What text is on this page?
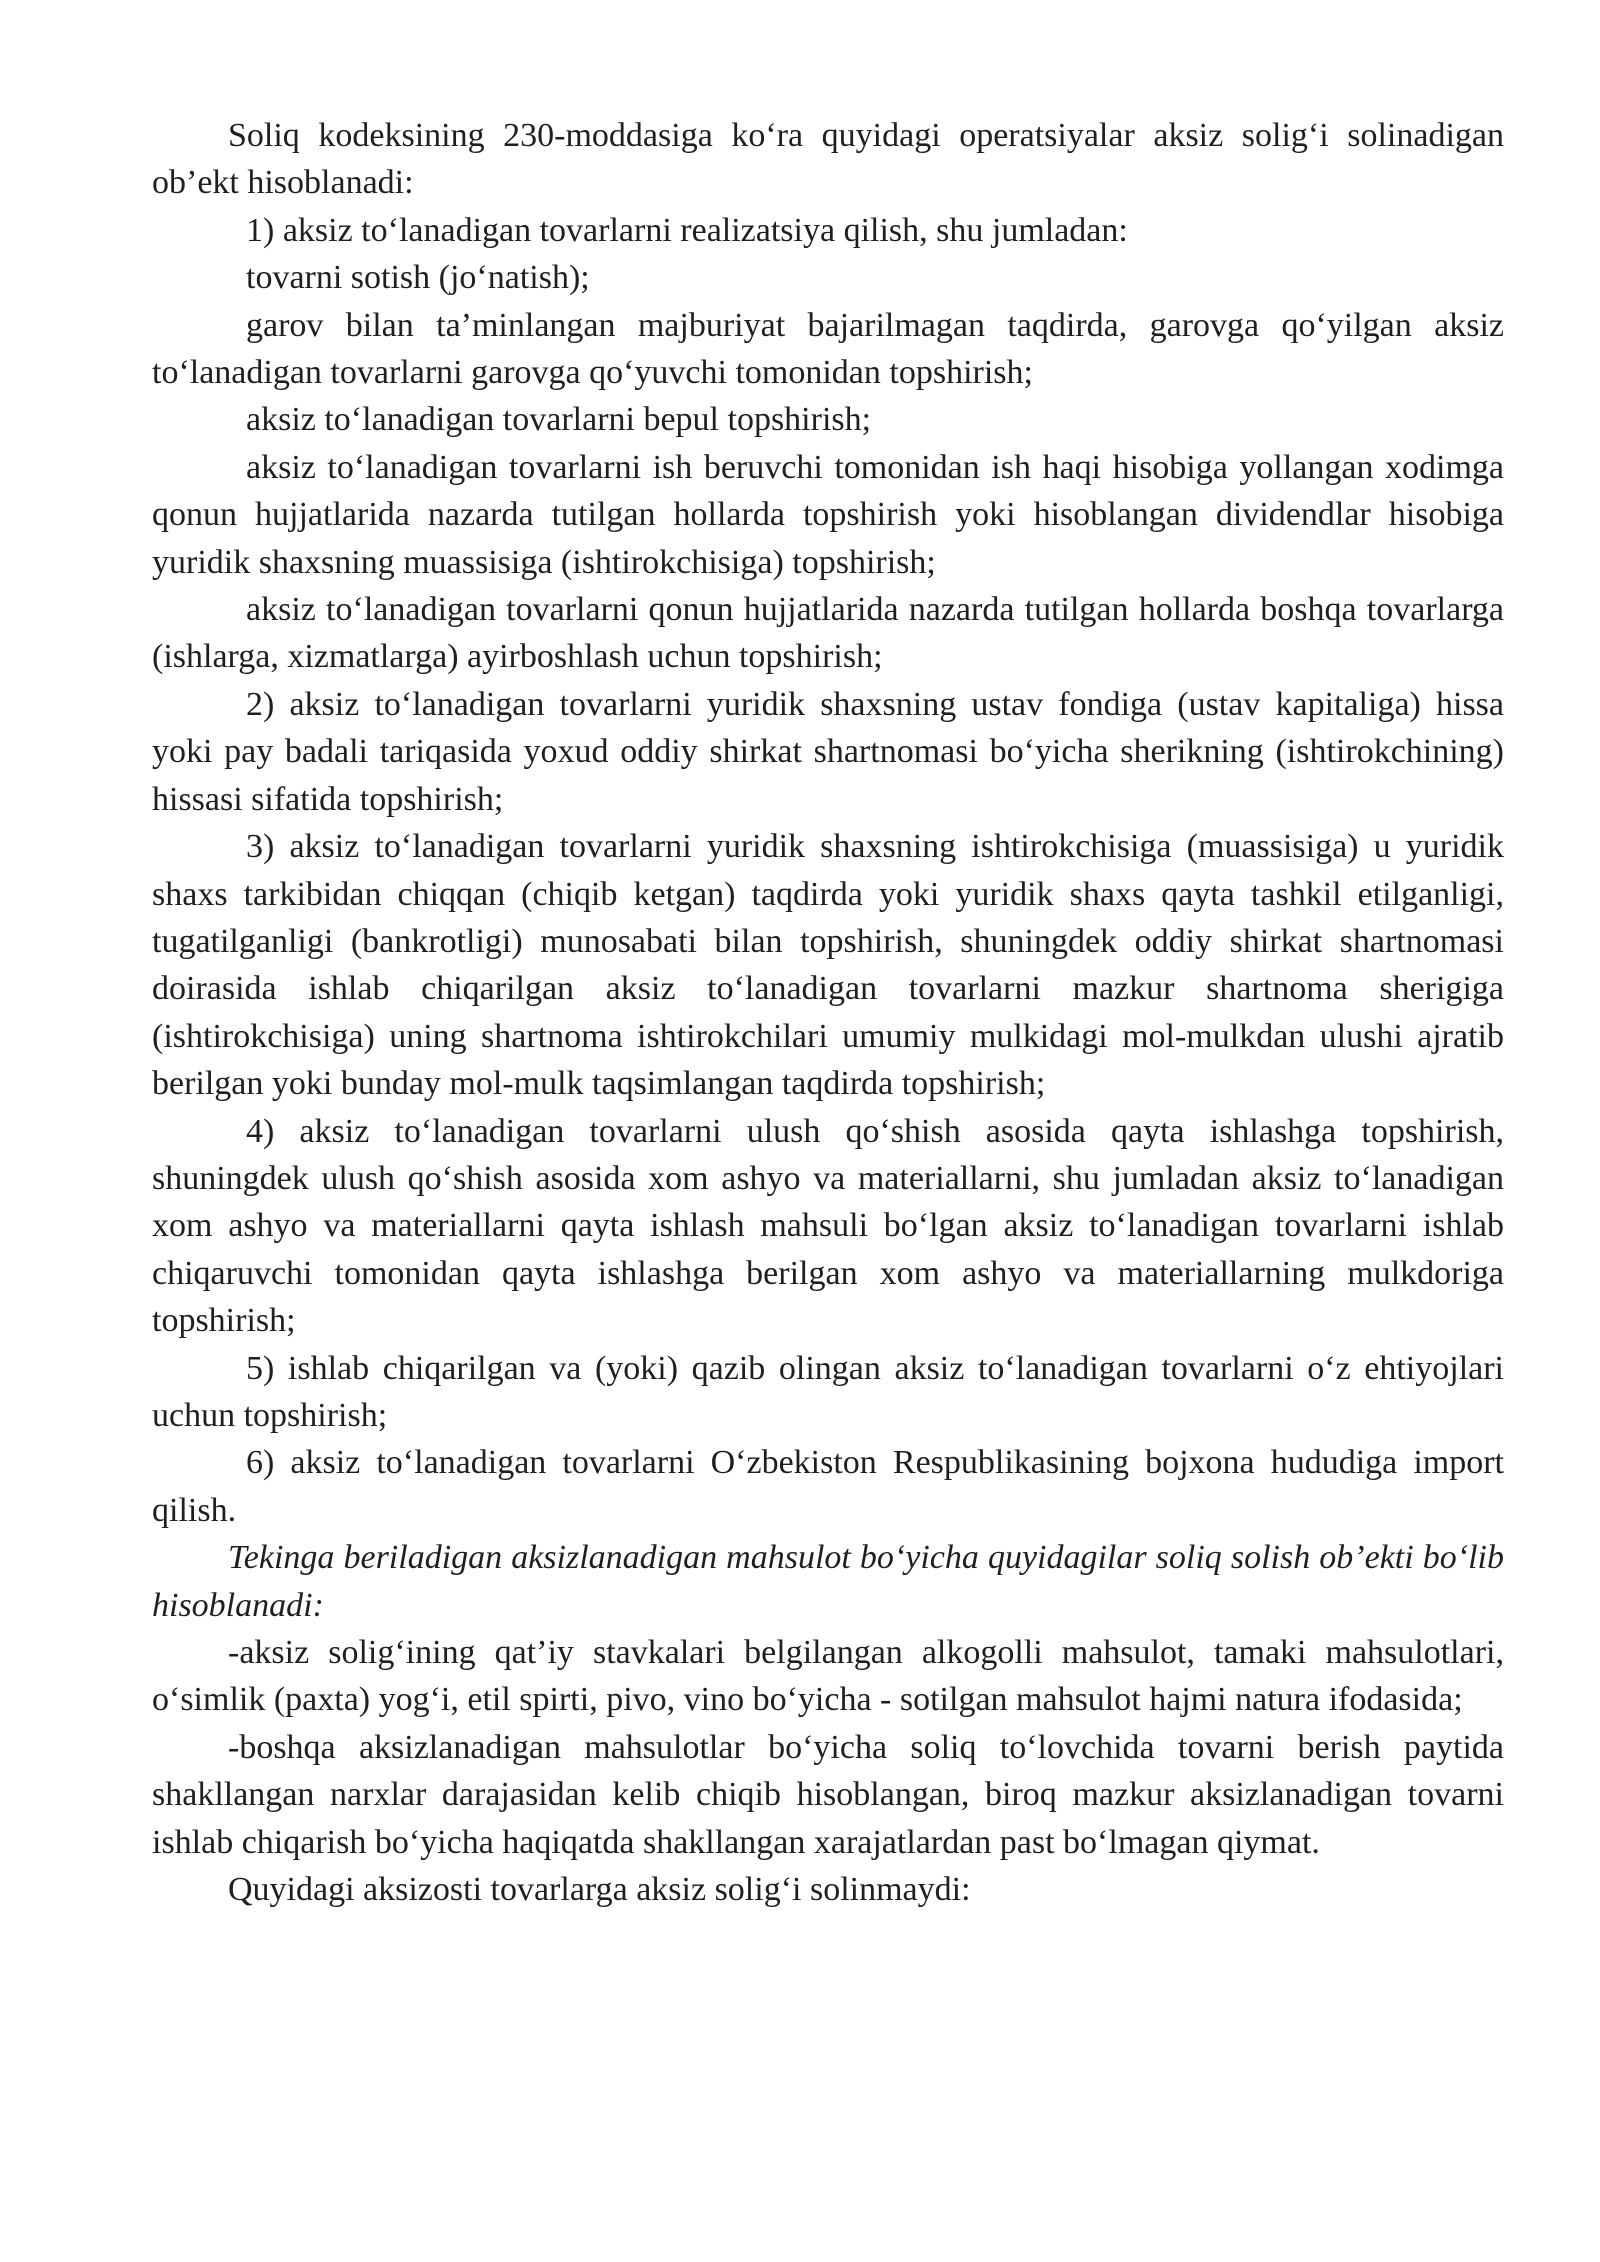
Soliq kodeksining 230-moddasiga ko‘ra quyidagi operatsiyalar aksiz solig‘i solinadigan ob’ekt hisoblanadi:

1) aksiz to‘lanadigan tovarlarni realizatsiya qilish, shu jumladan:

tovarni sotish (jo‘natish);

garov bilan ta’minlangan majburiyat bajarilmagan taqdirda, garovga qo‘yilgan aksiz to‘lanadigan tovarlarni garovga qo‘yuvchi tomonidan topshirish;

aksiz to‘lanadigan tovarlarni bepul topshirish;

aksiz to‘lanadigan tovarlarni ish beruvchi tomonidan ish haqi hisobiga yollangan xodimga qonun hujjatlarida nazarda tutilgan hollarda topshirish yoki hisoblangan dividendlar hisobiga yuridik shaxsning muassisiga (ishtirokchisiga) topshirish;

aksiz to‘lanadigan tovarlarni qonun hujjatlarida nazarda tutilgan hollarda boshqa tovarlarga (ishlarga, xizmatlarga) ayirboshlash uchun topshirish;

2) aksiz to‘lanadigan tovarlarni yuridik shaxsning ustav fondiga (ustav kapitaliga) hissa yoki pay badali tariqasida yoxud oddiy shirkat shartnomasi bo‘yicha sherikning (ishtirokchining) hissasi sifatida topshirish;

3) aksiz to‘lanadigan tovarlarni yuridik shaxsning ishtirokchisiga (muassisiga) u yuridik shaxs tarkibidan chiqqan (chiqib ketgan) taqdirda yoki yuridik shaxs qayta tashkil etilganligi, tugatilganligi (bankrotligi) munosabati bilan topshirish, shuningdek oddiy shirkat shartnomasi doirasida ishlab chiqarilgan aksiz to‘lanadigan tovarlarni mazkur shartnoma sherigiga (ishtirokchisiga) uning shartnoma ishtirokchilari umumiy mulkidagi mol-mulkdan ulushi ajratib berilgan yoki bunday mol-mulk taqsimlangan taqdirda topshirish;

4) aksiz to‘lanadigan tovarlarni ulush qo‘shish asosida qayta ishlashga topshirish, shuningdek ulush qo‘shish asosida xom ashyo va materiallarni, shu jumladan aksiz to‘lanadigan xom ashyo va materiallarni qayta ishlash mahsuli bo‘lgan aksiz to‘lanadigan tovarlarni ishlab chiqaruvchi tomonidan qayta ishlashga berilgan xom ashyo va materiallarning mulkdoriga topshirish;

5) ishlab chiqarilgan va (yoki) qazib olingan aksiz to‘lanadigan tovarlarni o‘z ehtiyojlari uchun topshirish;

6) aksiz to‘lanadigan tovarlarni O‘zbekiston Respublikasining bojxona hududiga import qilish.

Tekinga beriladigan aksizlanadigan mahsulot bo‘yicha quyidagilar soliq solish ob’ekti bo‘lib hisoblanadi:

-aksiz solig‘ining qat’iy stavkalari belgilangan alkogolli mahsulot, tamaki mahsulotlari, o‘simlik (paxta) yog‘i, etil spirti, pivo, vino bo‘yicha - sotilgan mahsulot hajmi natura ifodasida;

-boshqa aksizlanadigan mahsulotlar bo‘yicha soliq to‘lovchida tovarni berish paytida shakllangan narxlar darajasidan kelib chiqib hisoblangan, biroq mazkur aksizlanadigan tovarni ishlab chiqarish bo‘yicha haqiqatda shakllangan xarajatlardan past bo‘lmagan qiymat.

Quyidagi aksizosti tovarlarga aksiz solig‘i solinmaydi:
